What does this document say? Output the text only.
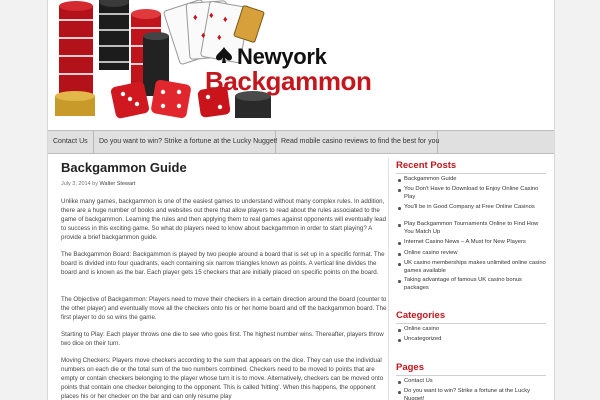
♦ ♦ ♦
♦ ♦
Newyork
Backgammon
Contact Us	Do you want to win? Strike a fortune at the Lucky Nugget! Read mobile casino reviews to find the best for you
Backgammon Guide
July 3, 2014 by Walter Stewart

Unlike many games, backgammon is one of the easiest games to understand without many complex rules. In addition, there are a huge number of books and websites out there that allow players to read about the rules associated to the game of backgammon. Learning the rules and then applying them to real games against opponents will eventually lead to success in this exciting game. So what do players need to know about backgammon in order to start playing? A provide a brief backgammon guide.

The Backgammon Board: Backgammon is played by two people around a board that is set up in a specific format. The board is divided into four quadrants, each containing six narrow triangles known as points. A vertical line divides the board and is known as the bar. Each player gets 15 checkers that are initially placed on specific points on the board.

The Objective of Backgammon: Players need to move their checkers in a certain direction around the board (counter to the other player) and eventually move all the checkers onto his or her home board and off the backgammon board. The first player to do so wins the game.

Starting to Play: Each player throws one die to see who goes first. The highest number wins. Thereafter, players throw two dice on their turn.

Moving Checkers: Players move checkers according to the sum that appears on the dice. They can use the individual numbers on each die or the total sum of the two numbers combined. Checkers need to be moved to points that are empty or contain checkers belonging to the player whose turn it is to move. Alternatively, checkers can be moved onto points that contain one checker belonging to the opponent. This is called 'hitting'. When this happens, the opponent places his or her checker on the bar and can only resume play

Recent Posts
Backgammon Guide
You Don't Have to Download to Enjoy Online Casino Play
You'll be in Good Company at Free Online Casinos
Play Backgammon Tournaments Online to Find How You Match Up
Internet Casino News – A Must for New Players
Online casino review
UK casino memberships makes unlimited online casino games available
Taking advantage of famous UK casino bonus packages
Categories
Online casino
Uncategorized
Pages
Contact Us
Do you want to win? Strike a fortune at the Lucky Nugget!
